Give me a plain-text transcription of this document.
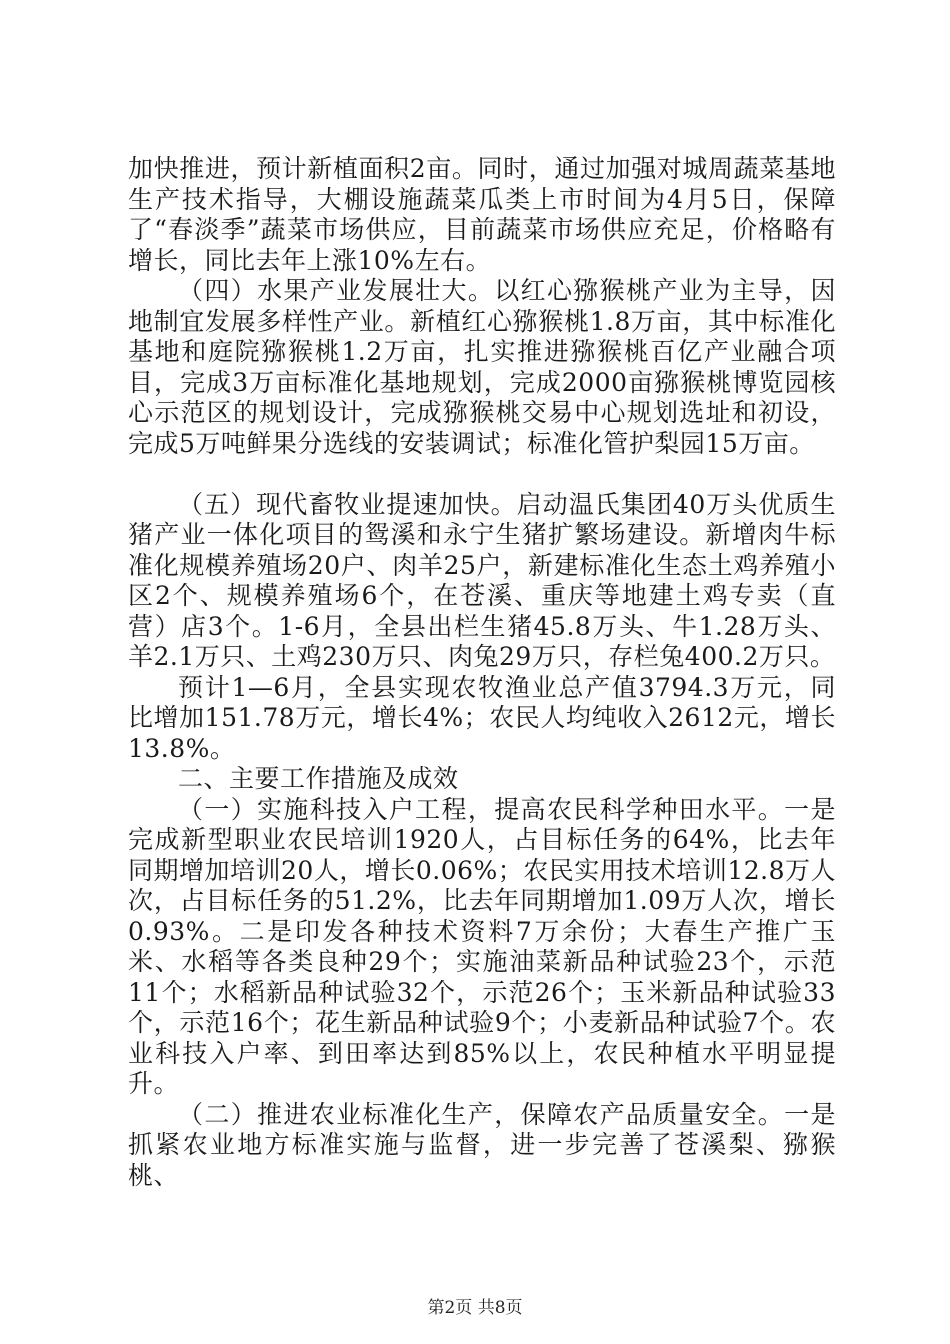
加快推进，预计新植面积2亩。同时，通过加强对城周蔬菜基地生产技术指导，大棚设施蔬菜瓜类上市时间为4月5日，保障了“春淡季”蔬菜市场供应，目前蔬菜市场供应充足，价格略有增长，同比去年上涨10%左右。

（四）水果产业发展壮大。以红心猕猴桃产业为主导，因地制宜发展多样性产业。新植红心猕猴桃1.8万亩，其中标准化基地和庭院猕猴桃1.2万亩，扎实推进猕猴桃百亿产业融合项目，完成3万亩标准化基地规划，完成2000亩猕猴桃博览园核心示范区的规划设计，完成猕猴桃交易中心规划选址和初设，完成5万吨鲜果分选线的安装调试；标准化管护梨园15万亩。

（五）现代畜牧业提速加快。启动温氏集团40万头优质生猪产业一体化项目的鸳溪和永宁生猪扩繁场建设。新增肉牛标准化规模养殖场20户、肉羊25户，新建标准化生态土鸡养殖小区2个、规模养殖场6个，在苍溪、重庆等地建土鸡专卖（直营）店3个。1-6月，全县出栏生猪45.8万头、牛1.28万头、羊2.1万只、土鸡230万只、肉兔29万只，存栏兔400.2万只。

预计1—6月，全县实现农牧渔业总产值3794.3万元，同比增加151.78万元，增长4%；农民人均纯收入2612元，增长13.8%。

二、主要工作措施及成效

（一）实施科技入户工程，提高农民科学种田水平。一是完成新型职业农民培训1920人，占目标任务的64%，比去年同期增加培训20人，增长0.06%；农民实用技术培训12.8万人次，占目标任务的51.2%，比去年同期增加1.09万人次，增长0.93%。二是印发各种技术资料7万余份；大春生产推广玉米、水稻等各类良种29个；实施油菜新品种试验23个，示范11个；水稻新品种试验32个，示范26个；玉米新品种试验33个，示范16个；花生新品种试验9个；小麦新品种试验7个。农业科技入户率、到田率达到85%以上，农民种植水平明显提升。

（二）推进农业标准化生产，保障农产品质量安全。一是抓紧农业地方标准实施与监督，进一步完善了苍溪梨、猕猴桃、

第2页 共8页
